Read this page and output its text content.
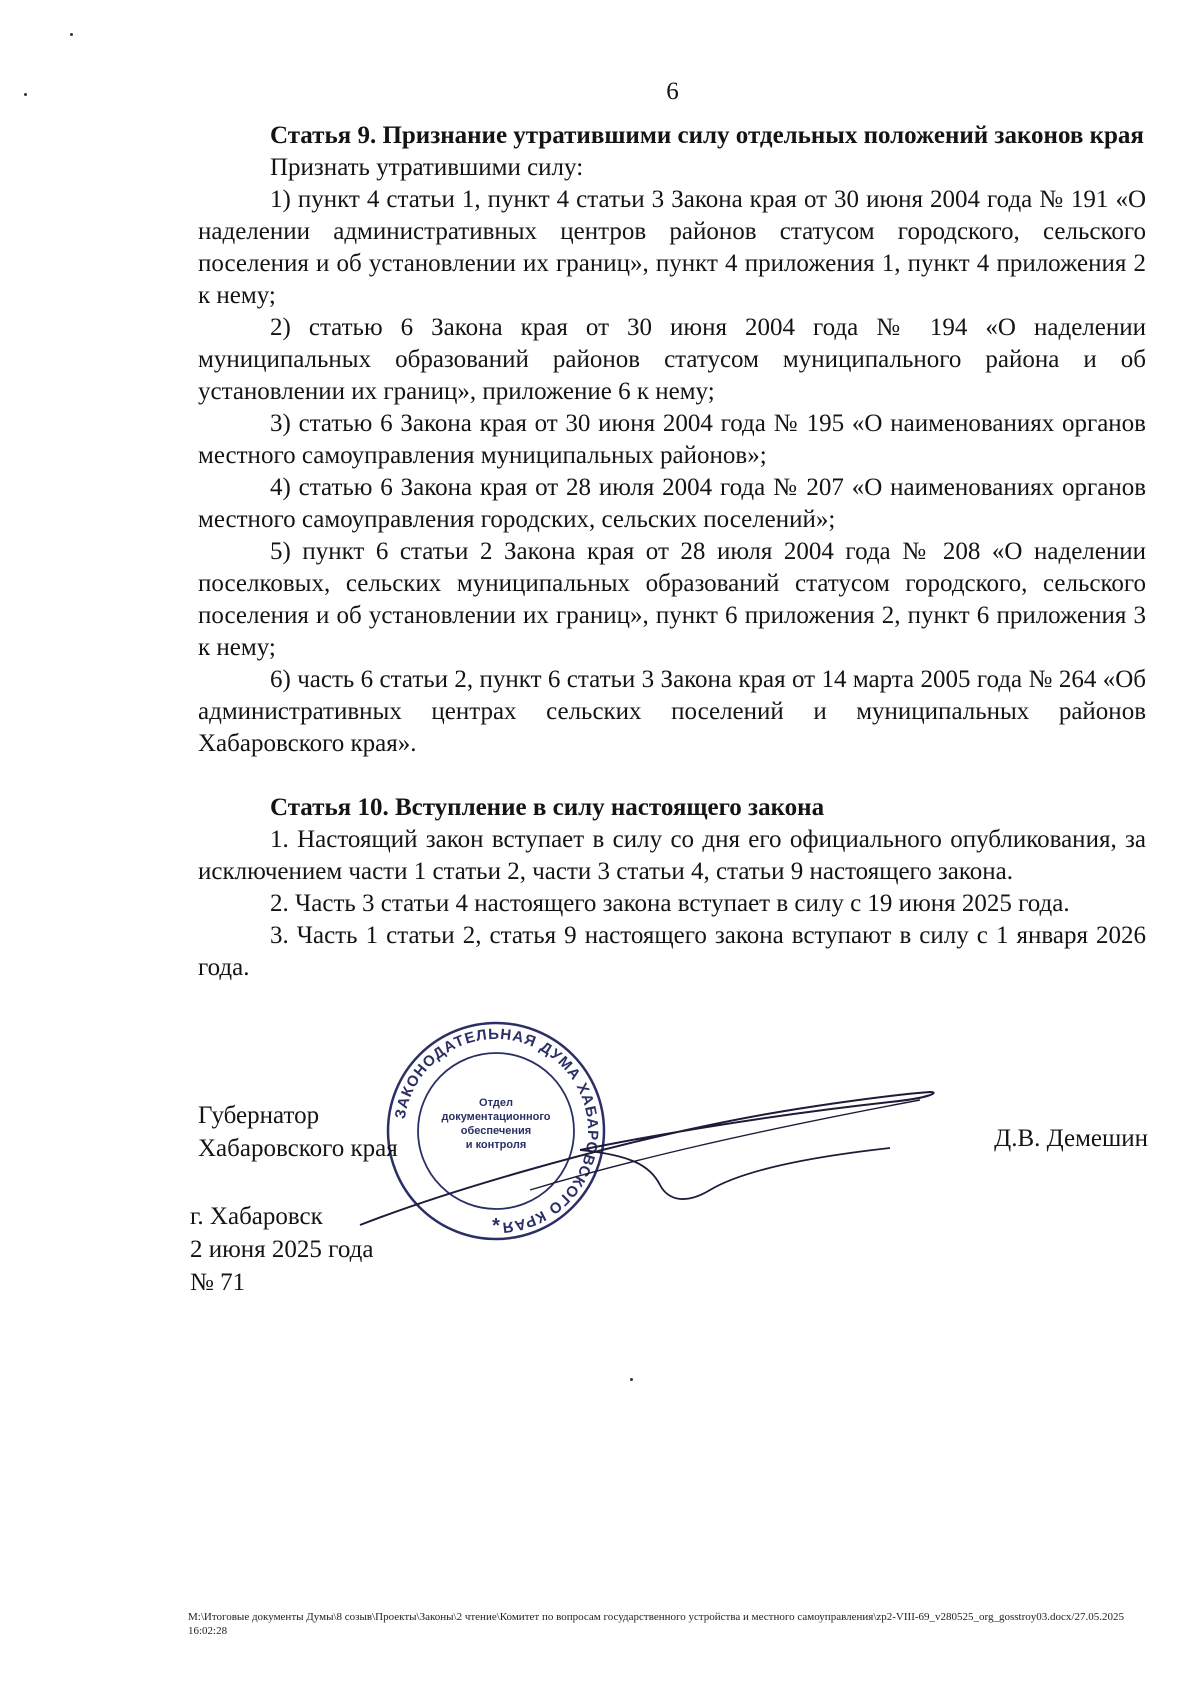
6

Статья 9. Признание утратившими силу отдельных положений законов края

Признать утратившими силу:

1) пункт 4 статьи 1, пункт 4 статьи 3 Закона края от 30 июня 2004 года № 191 «О наделении административных центров районов статусом городского, сельского поселения и об установлении их границ», пункт 4 приложения 1, пункт 4 приложения 2 к нему;

2) статью 6 Закона края от 30 июня 2004 года № 194 «О наделении муниципальных образований районов статусом муниципального района и об установлении их границ», приложение 6 к нему;

3) статью 6 Закона края от 30 июня 2004 года № 195 «О наименованиях органов местного самоуправления муниципальных районов»;

4) статью 6 Закона края от 28 июля 2004 года № 207 «О наименованиях органов местного самоуправления городских, сельских поселений»;

5) пункт 6 статьи 2 Закона края от 28 июля 2004 года № 208 «О наделении поселковых, сельских муниципальных образований статусом городского, сельского поселения и об установлении их границ», пункт 6 приложения 2, пункт 6 приложения 3 к нему;

6) часть 6 статьи 2, пункт 6 статьи 3 Закона края от 14 марта 2005 года № 264 «Об административных центрах сельских поселений и муниципальных районов Хабаровского края».

Статья 10. Вступление в силу настоящего закона

1. Настоящий закон вступает в силу со дня его официального опубликования, за исключением части 1 статьи 2, части 3 статьи 4, статьи 9 настоящего закона.

2. Часть 3 статьи 4 настоящего закона вступает в силу с 19 июня 2025 года.

3. Часть 1 статьи 2, статья 9 настоящего закона вступают в силу с 1 января 2026 года.

ЗАКОНОДАТЕЛЬНАЯ ДУМА ХАБАРОВСКОГО КРАЯ
Отдел
документационного
обеспечения
и контроля
*
Губернатор
Хабаровского края	Д.В. Демешин
г. Хабаровск
2 июня 2025 года
№ 71
M:\Итоговые документы Думы\8 созыв\Проекты\Законы\2 чтение\Комитет по вопросам государственного устройства и местного самоуправления\zp2-VIII-69_v280525_org_gosstroy03.docx/27.05.2025 16:02:28
